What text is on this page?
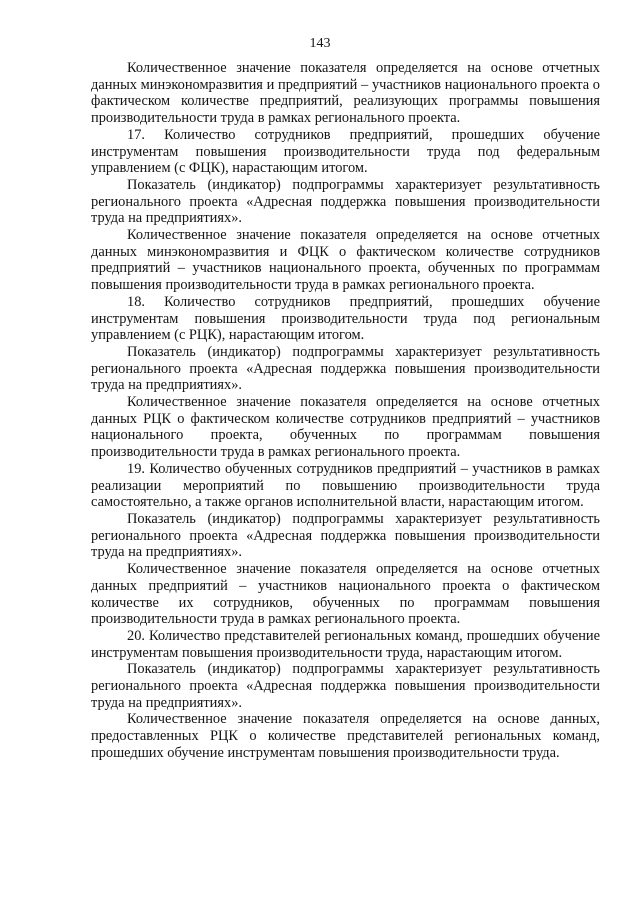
143

Количественное значение показателя определяется на основе отчетных данных минэкономразвития и предприятий – участников национального проекта о фактическом количестве предприятий, реализующих программы повышения производительности труда в рамках регионального проекта.

17. Количество сотрудников предприятий, прошедших обучение инструментам повышения производительности труда под федеральным управлением (с ФЦК), нарастающим итогом.

Показатель (индикатор) подпрограммы характеризует результативность регионального проекта «Адресная поддержка повышения производительности труда на предприятиях».

Количественное значение показателя определяется на основе отчетных данных минэкономразвития и ФЦК о фактическом количестве сотрудников предприятий – участников национального проекта, обученных по программам повышения производительности труда в рамках регионального проекта.

18. Количество сотрудников предприятий, прошедших обучение инструментам повышения производительности труда под региональным управлением (с РЦК), нарастающим итогом.

Показатель (индикатор) подпрограммы характеризует результативность регионального проекта «Адресная поддержка повышения производительности труда на предприятиях».

Количественное значение показателя определяется на основе отчетных данных РЦК о фактическом количестве сотрудников предприятий – участников национального проекта, обученных по программам повышения производительности труда в рамках регионального проекта.

19. Количество обученных сотрудников предприятий – участников в рамках реализации мероприятий по повышению производительности труда самостоятельно, а также органов исполнительной власти, нарастающим итогом.

Показатель (индикатор) подпрограммы характеризует результативность регионального проекта «Адресная поддержка повышения производительности труда на предприятиях».

Количественное значение показателя определяется на основе отчетных данных предприятий – участников национального проекта о фактическом количестве их сотрудников, обученных по программам повышения производительности труда в рамках регионального проекта.

20. Количество представителей региональных команд, прошедших обучение инструментам повышения производительности труда, нарастающим итогом.

Показатель (индикатор) подпрограммы характеризует результативность регионального проекта «Адресная поддержка повышения производительности труда на предприятиях».

Количественное значение показателя определяется на основе данных, предоставленных РЦК о количестве представителей региональных команд, прошедших обучение инструментам повышения производительности труда.
